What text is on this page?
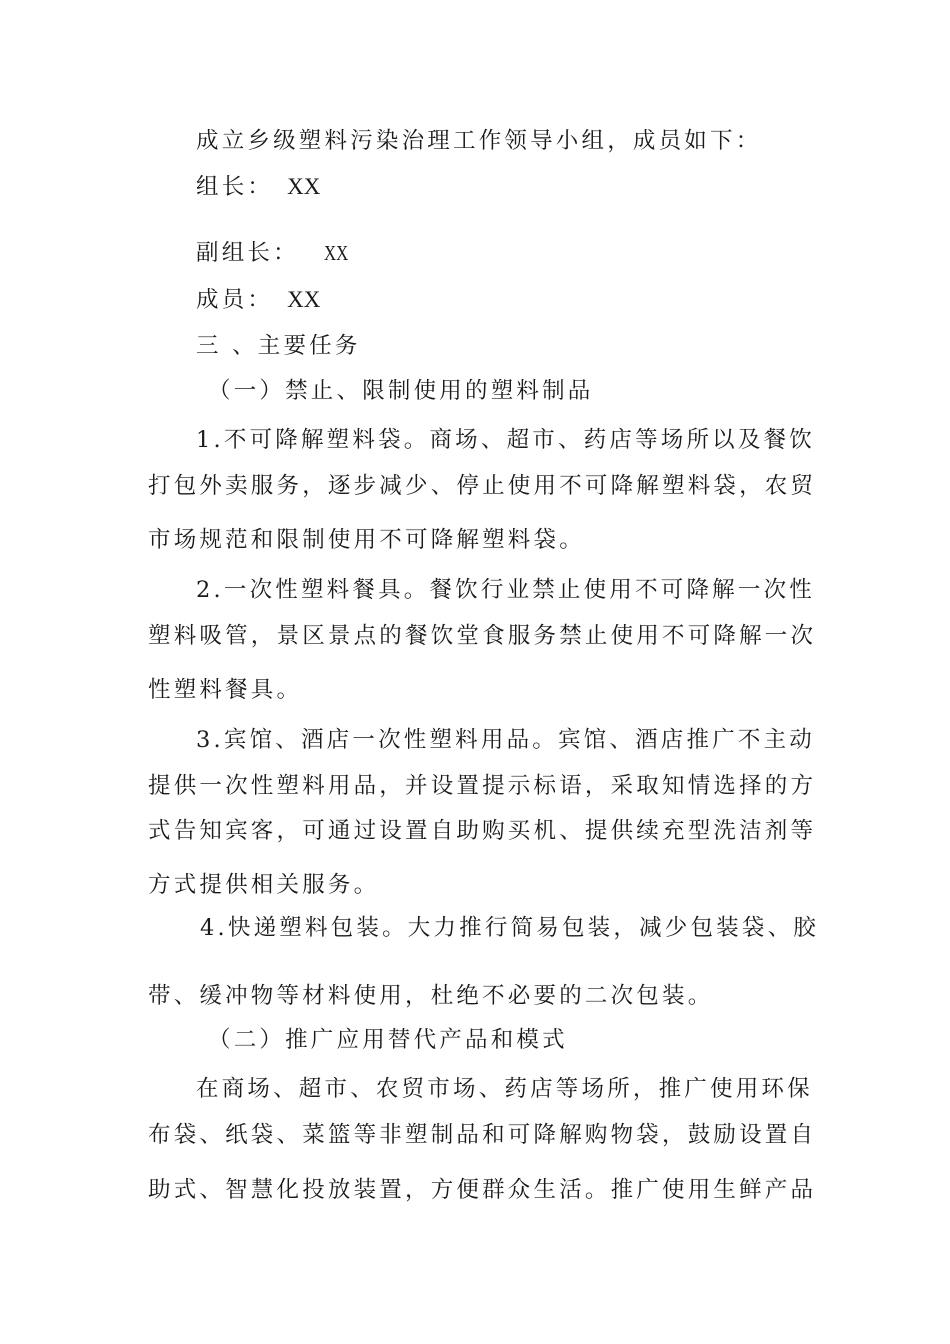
成立乡级塑料污染治理工作领导小组，成员如下：
组长： XX
副组长： XX
成员： XX
三 、主要任务
（一）禁止、限制使用的塑料制品
1.不可降解塑料袋。商场、超市、药店等场所以及餐饮
打包外卖服务，逐步减少、停止使用不可降解塑料袋，农贸
市场规范和限制使用不可降解塑料袋。
2.一次性塑料餐具。餐饮行业禁止使用不可降解一次性
塑料吸管，景区景点的餐饮堂食服务禁止使用不可降解一次
性塑料餐具。
3.宾馆、酒店一次性塑料用品。宾馆、酒店推广不主动
提供一次性塑料用品，并设置提示标语，采取知情选择的方
式告知宾客，可通过设置自助购买机、提供续充型洗洁剂等
方式提供相关服务。
4.快递塑料包装。大力推行简易包装，减少包装袋、胶
带、缓冲物等材料使用，杜绝不必要的二次包装。
（二）推广应用替代产品和模式
在商场、超市、农贸市场、药店等场所，推广使用环保
布袋、纸袋、菜篮等非塑制品和可降解购物袋，鼓励设置自
助式、智慧化投放装置，方便群众生活。推广使用生鲜产品
